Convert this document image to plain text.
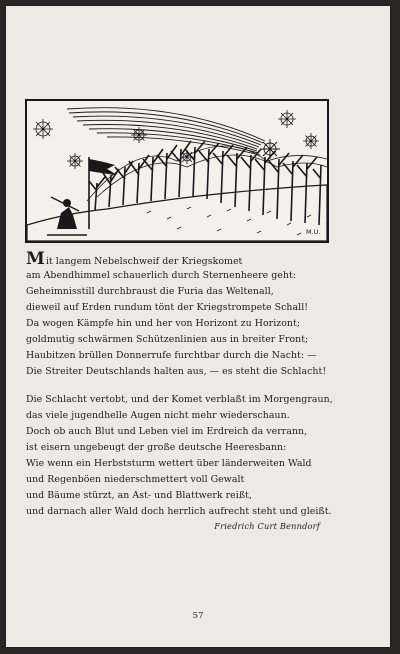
M.U.
Mit langem Nebelschweif der Kriegskomet
am Abendhimmel schauerlich durch Sternenheere geht:
Geheimnisstill durchbraust die Furia das Weltenall,
dieweil auf Erden rundum tönt der Kriegstrompete Schall!
Da wogen Kämpfe hin und her von Horizont zu Horizont;
goldmutig schwärmen Schützenlinien aus in breiter Front;
Haubitzen brüllen Donnerrufe furchtbar durch die Nacht: —
Die Streiter Deutschlands halten aus, — es steht die Schlacht!
Die Schlacht vertobt, und der Komet verblaßt im Morgengraun,
das viele jugendhelle Augen nicht mehr wiederschaun.
Doch ob auch Blut und Leben viel im Erdreich da verrann,
ist eisern ungebeugt der große deutsche Heeresbann:
Wie wenn ein Herbststurm wettert über länderweiten Wald
und Regenböen niederschmettert voll Gewalt
und Bäume stürzt, an Ast- und Blattwerk reißt,
und darnach aller Wald doch herrlich aufrecht steht und gleißt.
Friedrich Curt Benndorf
57
